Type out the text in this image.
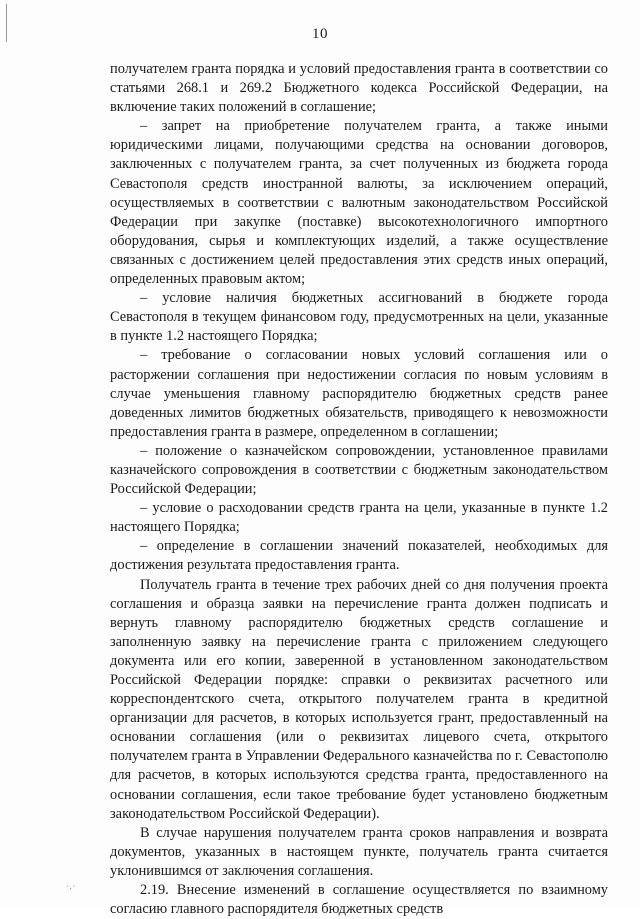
10

получателем гранта порядка и условий предоставления гранта в соответствии со статьями 268.1 и 269.2 Бюджетного кодекса Российской Федерации, на включение таких положений в соглашение;

– запрет на приобретение получателем гранта, а также иными юридическими лицами, получающими средства на основании договоров, заключенных с получателем гранта, за счет полученных из бюджета города Севастополя средств иностранной валюты, за исключением операций, осуществляемых в соответствии с валютным законодательством Российской Федерации при закупке (поставке) высокотехнологичного импортного оборудования, сырья и комплектующих изделий, а также осуществление связанных с достижением целей предоставления этих средств иных операций, определенных правовым актом;

– условие наличия бюджетных ассигнований в бюджете города Севастополя в текущем финансовом году, предусмотренных на цели, указанные в пункте 1.2 настоящего Порядка;

– требование о согласовании новых условий соглашения или о расторжении соглашения при недостижении согласия по новым условиям в случае уменьшения главному распорядителю бюджетных средств ранее доведенных лимитов бюджетных обязательств, приводящего к невозможности предоставления гранта в размере, определенном в соглашении;

– положение о казначейском сопровождении, установленное правилами казначейского сопровождения в соответствии с бюджетным законодательством Российской Федерации;

– условие о расходовании средств гранта на цели, указанные в пункте 1.2 настоящего Порядка;

– определение в соглашении значений показателей, необходимых для достижения результата предоставления гранта.

Получатель гранта в течение трех рабочих дней со дня получения проекта соглашения и образца заявки на перечисление гранта должен подписать и вернуть главному распорядителю бюджетных средств соглашение и заполненную заявку на перечисление гранта с приложением следующего документа или его копии, заверенной в установленном законодательством Российской Федерации порядке: справки о реквизитах расчетного или корреспондентского счета, открытого получателем гранта в кредитной организации для расчетов, в которых используется грант, предоставленный на основании соглашения (или о реквизитах лицевого счета, открытого получателем гранта в Управлении Федерального казначейства по г. Севастополю для расчетов, в которых используются средства гранта, предоставленного на основании соглашения, если такое требование будет установлено бюджетным законодательством Российской Федерации).

В случае нарушения получателем гранта сроков направления и возврата документов, указанных в настоящем пункте, получатель гранта считается уклонившимся от заключения соглашения.

2.19. Внесение изменений в соглашение осуществляется по взаимному согласию главного распорядителя бюджетных средств

·.·
